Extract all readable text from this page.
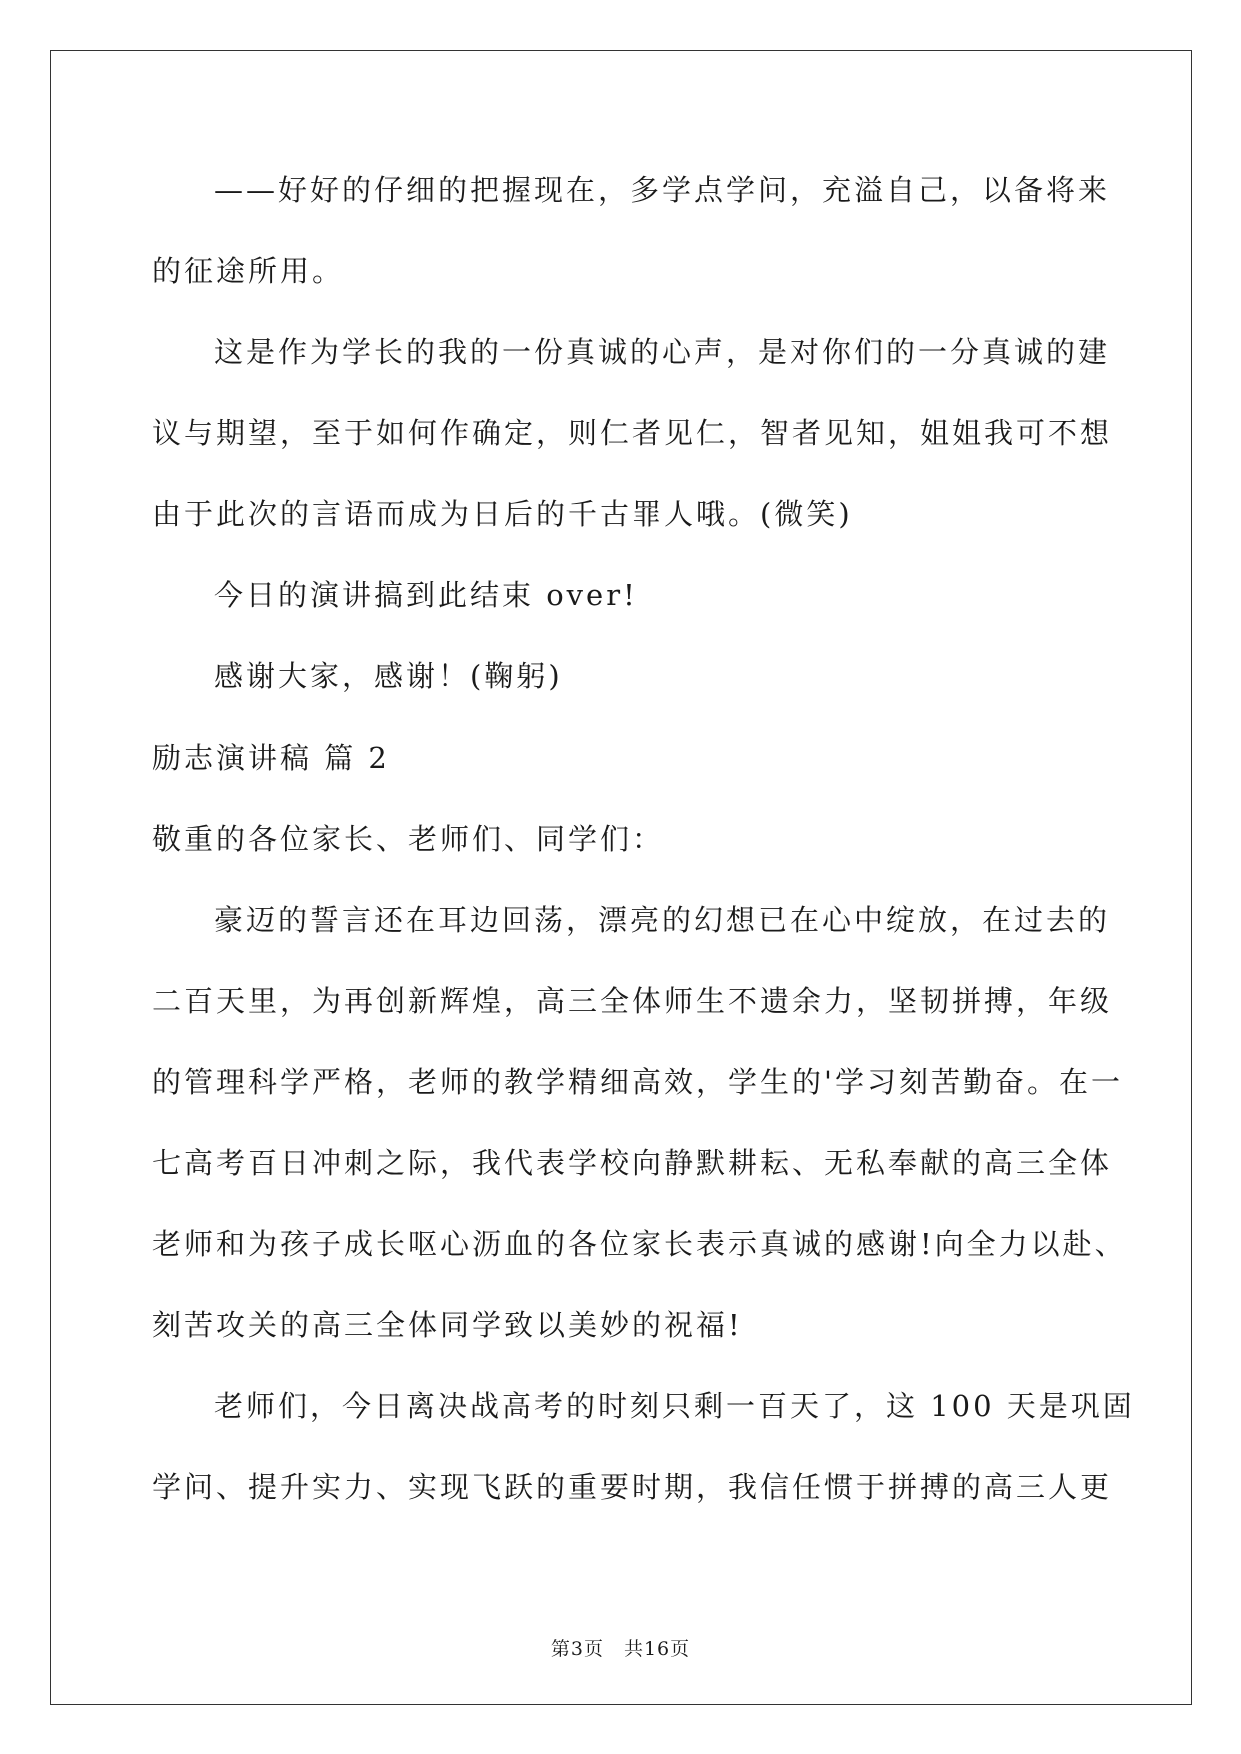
——好好的仔细的把握现在，多学点学问，充溢自己，以备将来
的征途所用。
这是作为学长的我的一份真诚的心声，是对你们的一分真诚的建
议与期望，至于如何作确定，则仁者见仁，智者见知，姐姐我可不想
由于此次的言语而成为日后的千古罪人哦。(微笑)
今日的演讲搞到此结束 over!
感谢大家，感谢！(鞠躬)
励志演讲稿 篇 2
敬重的各位家长、老师们、同学们：
豪迈的誓言还在耳边回荡，漂亮的幻想已在心中绽放，在过去的
二百天里，为再创新辉煌，高三全体师生不遗余力，坚韧拼搏，年级
的管理科学严格，老师的教学精细高效，学生的'学习刻苦勤奋。在一
七高考百日冲刺之际，我代表学校向静默耕耘、无私奉献的高三全体
老师和为孩子成长呕心沥血的各位家长表示真诚的感谢!向全力以赴、
刻苦攻关的高三全体同学致以美妙的祝福!
老师们，今日离决战高考的时刻只剩一百天了，这 100 天是巩固
学问、提升实力、实现飞跃的重要时期，我信任惯于拼搏的高三人更
第3页　共16页
